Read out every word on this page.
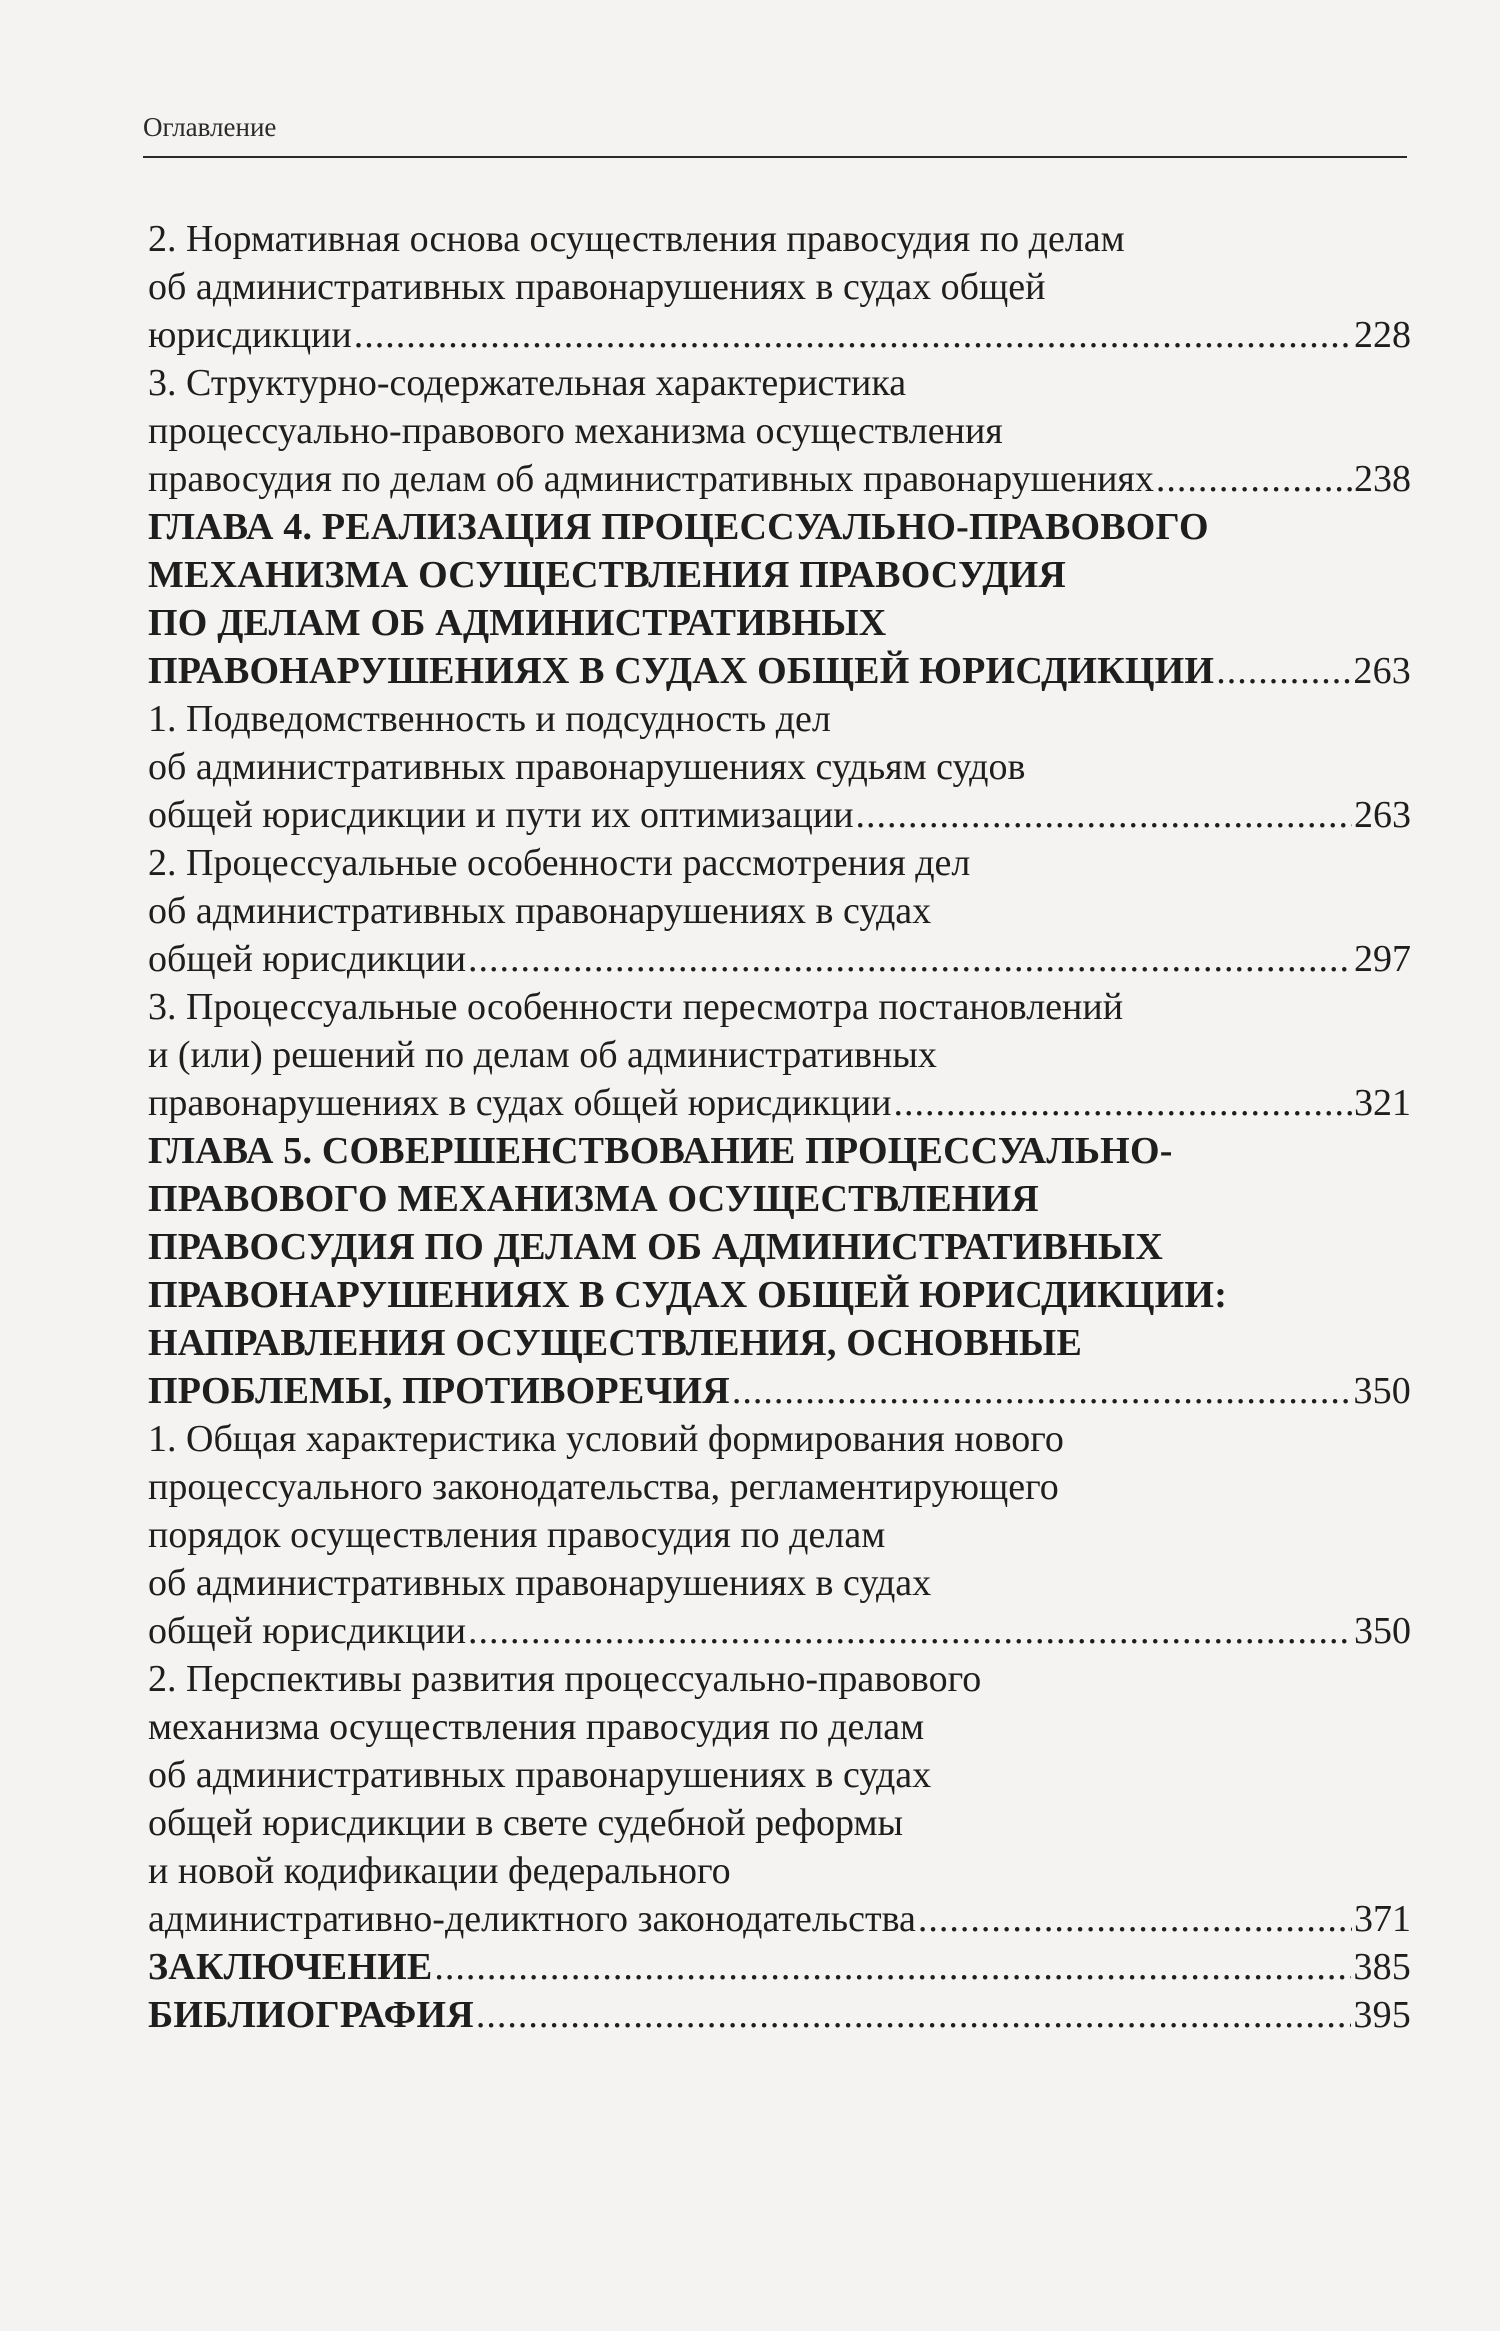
Оглавление
2. Нормативная основа осуществления правосудия по делам
об административных правонарушениях в судах общей
юрисдикции .....	228
3. Структурно-содержательная характеристика
процессуально-правового механизма осуществления
правосудия по делам об административных правонарушениях .....	238
ГЛАВА 4. РЕАЛИЗАЦИЯ ПРОЦЕССУАЛЬНО-ПРАВОВОГО
МЕХАНИЗМА ОСУЩЕСТВЛЕНИЯ ПРАВОСУДИЯ
ПО ДЕЛАМ ОБ АДМИНИСТРАТИВНЫХ
ПРАВОНАРУШЕНИЯХ В СУДАХ ОБЩЕЙ ЮРИСДИКЦИИ .....	263
1. Подведомственность и подсудность дел
об административных правонарушениях судьям судов
общей юрисдикции и пути их оптимизации .....	263
2. Процессуальные особенности рассмотрения дел
об административных правонарушениях в судах
общей юрисдикции .....	297
3. Процессуальные особенности пересмотра постановлений
и (или) решений по делам об административных
правонарушениях в судах общей юрисдикции .....	321
ГЛАВА 5. СОВЕРШЕНСТВОВАНИЕ ПРОЦЕССУАЛЬНО-
ПРАВОВОГО МЕХАНИЗМА ОСУЩЕСТВЛЕНИЯ
ПРАВОСУДИЯ ПО ДЕЛАМ ОБ АДМИНИСТРАТИВНЫХ
ПРАВОНАРУШЕНИЯХ В СУДАХ ОБЩЕЙ ЮРИСДИКЦИИ:
НАПРАВЛЕНИЯ ОСУЩЕСТВЛЕНИЯ, ОСНОВНЫЕ
ПРОБЛЕМЫ, ПРОТИВОРЕЧИЯ .....	350
1. Общая характеристика условий формирования нового
процессуального законодательства, регламентирующего
порядок осуществления правосудия по делам
об административных правонарушениях в судах
общей юрисдикции .....	350
2. Перспективы развития процессуально-правового
механизма осуществления правосудия по делам
об административных правонарушениях в судах
общей юрисдикции в свете судебной реформы
и новой кодификации федерального
административно-деликтного законодательства .....	371
ЗАКЛЮЧЕНИЕ .....	385
БИБЛИОГРАФИЯ .....	395
